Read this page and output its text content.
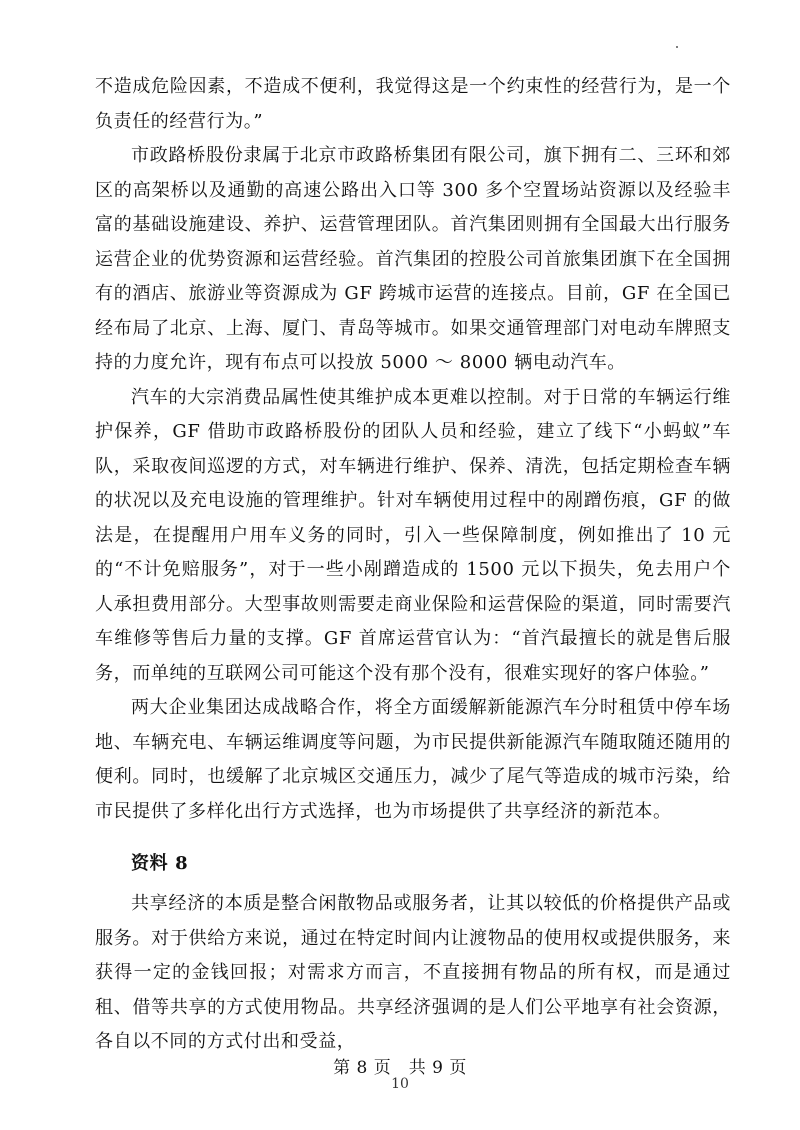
不造成危险因素，不造成不便利，我觉得这是一个约束性的经营行为，是一个负责任的经营行为。”

市政路桥股份隶属于北京市政路桥集团有限公司，旗下拥有二、三环和郊区的高架桥以及通勤的高速公路出入口等 300 多个空置场站资源以及经验丰富的基础设施建设、养护、运营管理团队。首汽集团则拥有全国最大出行服务运营企业的优势资源和运营经验。首汽集团的控股公司首旅集团旗下在全国拥有的酒店、旅游业等资源成为 GF 跨城市运营的连接点。目前，GF 在全国已经布局了北京、上海、厦门、青岛等城市。如果交通管理部门对电动车牌照支持的力度允许，现有布点可以投放 5000 ～ 8000 辆电动汽车。

汽车的大宗消费品属性使其维护成本更难以控制。对于日常的车辆运行维护保养，GF 借助市政路桥股份的团队人员和经验，建立了线下“小蚂蚁”车队，采取夜间巡逻的方式，对车辆进行维护、保养、清洗，包括定期检查车辆的状况以及充电设施的管理维护。针对车辆使用过程中的剐蹭伤痕，GF 的做法是，在提醒用户用车义务的同时，引入一些保障制度，例如推出了 10 元的“不计免赔服务”，对于一些小剐蹭造成的 1500 元以下损失，免去用户个人承担费用部分。大型事故则需要走商业保险和运营保险的渠道，同时需要汽车维修等售后力量的支撑。GF 首席运营官认为：“首汽最擅长的就是售后服务，而单纯的互联网公司可能这个没有那个没有，很难实现好的客户体验。”

两大企业集团达成战略合作，将全方面缓解新能源汽车分时租赁中停车场地、车辆充电、车辆运维调度等问题，为市民提供新能源汽车随取随还随用的便利。同时，也缓解了北京城区交通压力，减少了尾气等造成的城市污染，给市民提供了多样化出行方式选择，也为市场提供了共享经济的新范本。

资料 8

共享经济的本质是整合闲散物品或服务者，让其以较低的价格提供产品或服务。对于供给方来说，通过在特定时间内让渡物品的使用权或提供服务，来获得一定的金钱回报；对需求方而言，不直接拥有物品的所有权，而是通过租、借等共享的方式使用物品。共享经济强调的是人们公平地享有社会资源，各自以不同的方式付出和受益，

第 8 页　共 9 页
10
